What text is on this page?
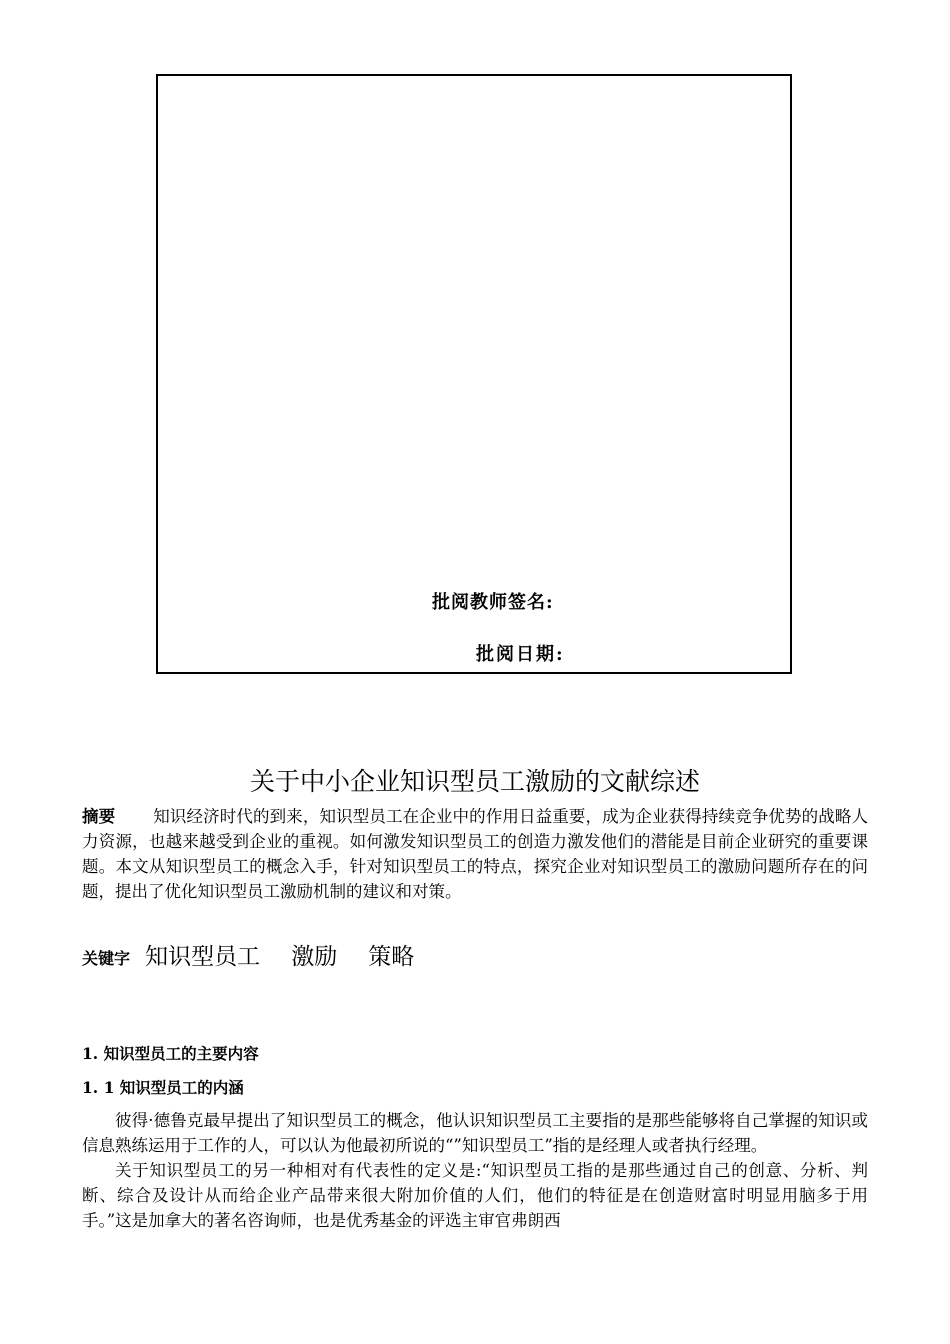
批阅教师签名:
批阅日期:
关于中小企业知识型员工激励的文献综述
摘要 知识经济时代的到来，知识型员工在企业中的作用日益重要，成为企业获得持续竞争优势的战略人力资源，也越来越受到企业的重视。如何激发知识型员工的创造力激发他们的潜能是目前企业研究的重要课题。本文从知识型员工的概念入手，针对知识型员工的特点，探究企业对知识型员工的激励问题所存在的问题，提出了优化知识型员工激励机制的建议和对策。
关键字 知识型员工 激励 策略
1. 知识型员工的主要内容
1. 1 知识型员工的内涵

彼得·德鲁克最早提出了知识型员工的概念，他认识知识型员工主要指的是那些能够将自己掌握的知识或信息熟练运用于工作的人，可以认为他最初所说的“”知识型员工”指的是经理人或者执行经理。

关于知识型员工的另一种相对有代表性的定义是:“知识型员工指的是那些通过自己的创意、分析、判断、综合及设计从而给企业产品带来很大附加价值的人们，他们的特征是在创造财富时明显用脑多于用手。”这是加拿大的著名咨询师，也是优秀基金的评选主审官弗朗西
